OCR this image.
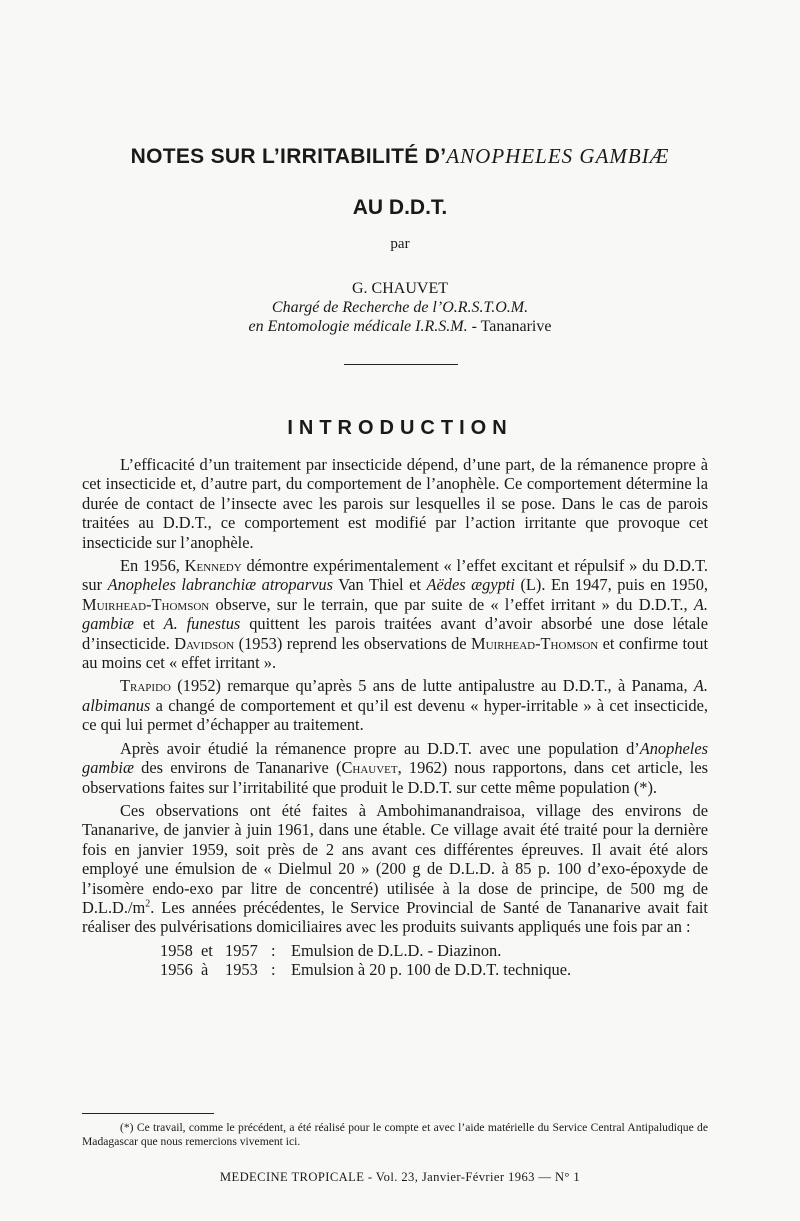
NOTES SUR L’IRRITABILITÉ D’ANOPHELES GAMBIÆ
AU D.D.T.
par
G. CHAUVET
Chargé de Recherche de l’O.R.S.T.O.M.
en Entomologie médicale I.R.S.M. - Tananarive
INTRODUCTION

L’efficacité d’un traitement par insecticide dépend, d’une part, de la rémanence propre à cet insecticide et, d’autre part, du comportement de l’anophèle. Ce comportement détermine la durée de contact de l’insecte avec les parois sur lesquelles il se pose. Dans le cas de parois traitées au D.D.T., ce comportement est modifié par l’action irritante que provoque cet insecticide sur l’anophèle.

En 1956, Kennedy démontre expérimentalement « l’effet excitant et répulsif » du D.D.T. sur Anopheles labranchiæ atroparvus Van Thiel et Aëdes ægypti (L). En 1947, puis en 1950, Muirhead-Thomson observe, sur le terrain, que par suite de « l’effet irritant » du D.D.T., A. gambiæ et A. funestus quittent les parois traitées avant d’avoir absorbé une dose létale d’insecticide. Davidson (1953) reprend les observations de Muirhead-Thomson et confirme tout au moins cet « effet irritant ».

Trapido (1952) remarque qu’après 5 ans de lutte antipalustre au D.D.T., à Panama, A. albimanus a changé de comportement et qu’il est devenu « hyper-irritable » à cet insecticide, ce qui lui permet d’échapper au traitement.

Après avoir étudié la rémanence propre au D.D.T. avec une population d’Anopheles gambiæ des environs de Tananarive (Chauvet, 1962) nous rapportons, dans cet article, les observations faites sur l’irritabilité que produit le D.D.T. sur cette même population (*).

Ces observations ont été faites à Ambohimanandraisoa, village des environs de Tananarive, de janvier à juin 1961, dans une étable. Ce village avait été traité pour la dernière fois en janvier 1959, soit près de 2 ans avant ces différentes épreuves. Il avait été alors employé une émulsion de « Dielmul 20 » (200 g de D.L.D. à 85 p. 100 d’exo-époxyde de l’isomère endo-exo par litre de concentré) utilisée à la dose de principe, de 500 mg de $D.L.D./m^2$. Les années précédentes, le Service Provincial de Santé de Tananarive avait fait réaliser des pulvérisations domiciliaires avec les produits suivants appliqués une fois par an :

1958 et 1957 : Emulsion de D.L.D. - Diazinon.
1956 à	1953 : Emulsion à 20 p. 100 de D.D.T. technique.
(*) Ce travail, comme le précédent, a été réalisé pour le compte et avec l’aide matérielle du Service Central Antipaludique de Madagascar que nous remercions vivement ici.
MEDECINE TROPICALE - Vol. 23, Janvier-Février 1963 — N° 1
